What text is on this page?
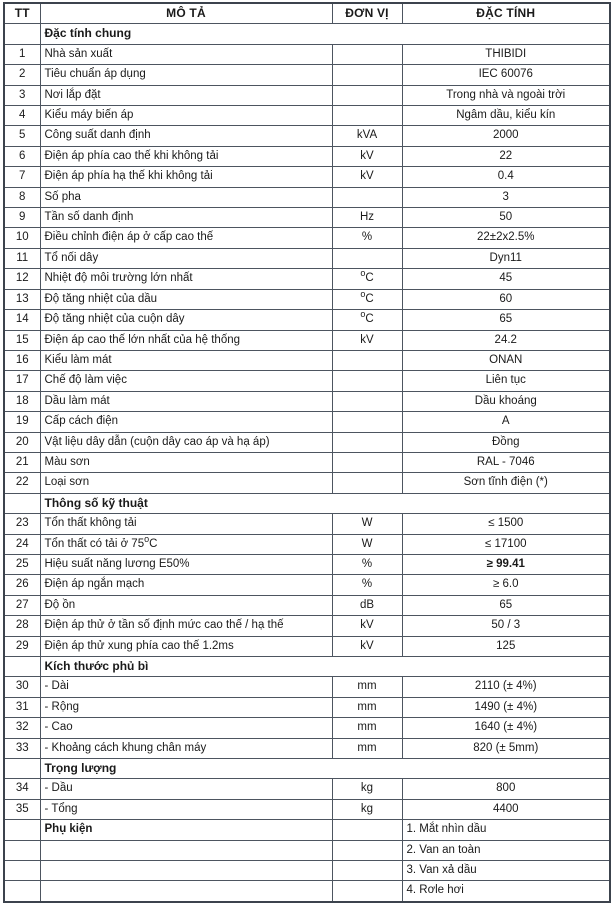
TT	MÔ TẢ	ĐƠN VỊ	ĐẶC TÍNH
	Đặc tính chung		
1	Nhà sản xuất		THIBIDI
2	Tiêu chuẩn áp dụng		IEC 60076
3	Nơi lắp đặt		Trong nhà và ngoài trời
4	Kiểu máy biến áp		Ngâm dầu, kiểu kín
5	Công suất danh định	kVA	2000
6	Điện áp phía cao thế khi không tải	kV	22
7	Điện áp phía hạ thế khi không tải	kV	0.4
8	Số pha		3
9	Tần số danh định	Hz	50
10	Điều chỉnh điện áp ở cấp cao thế	%	22±2x2.5%
11	Tổ nối dây		Dyn11
12	Nhiệt độ môi trường lớn nhất	$^o$C	45
13	Độ tăng nhiệt của dầu	$^o$C	60
14	Độ tăng nhiệt của cuộn dây	$^o$C	65
15	Điện áp cao thế lớn nhất của hệ thống	kV	24.2
16	Kiểu làm mát		ONAN
17	Chế độ làm việc		Liên tục
18	Dầu làm mát		Dầu khoáng
19	Cấp cách điện		A
20	Vật liệu dây dẫn (cuộn dây cao áp và hạ áp)		Đồng
21	Màu sơn		RAL - 7046
22	Loại sơn		Sơn tĩnh điện (*)
	Thông số kỹ thuật		
23	Tổn thất không tải	W	≤ 1500
24	Tổn thất có tải ở 75$^o$C	W	≤ 17100
25	Hiệu suất năng lương E50%	%	≥ 99.41
26	Điện áp ngắn mạch	%	≥ 6.0
27	Độ ồn	dB	65
28	Điện áp thử ở tần số định mức cao thế / hạ thế	kV	50 / 3
29	Điện áp thử xung phía cao thế 1.2ms	kV	125
	Kích thước phủ bì		
30	- Dài	mm	2110 (± 4%)
31	- Rộng	mm	1490 (± 4%)
32	- Cao	mm	1640 (± 4%)
33	- Khoảng cách khung chân máy	mm	820 (± 5mm)
	Trọng lượng		
34	- Dầu	kg	800
35	- Tổng	kg	4400
	Phụ kiện		1. Mắt nhìn dầu
			2. Van an toàn
			3. Van xả dầu
			4. Rơle hơi
